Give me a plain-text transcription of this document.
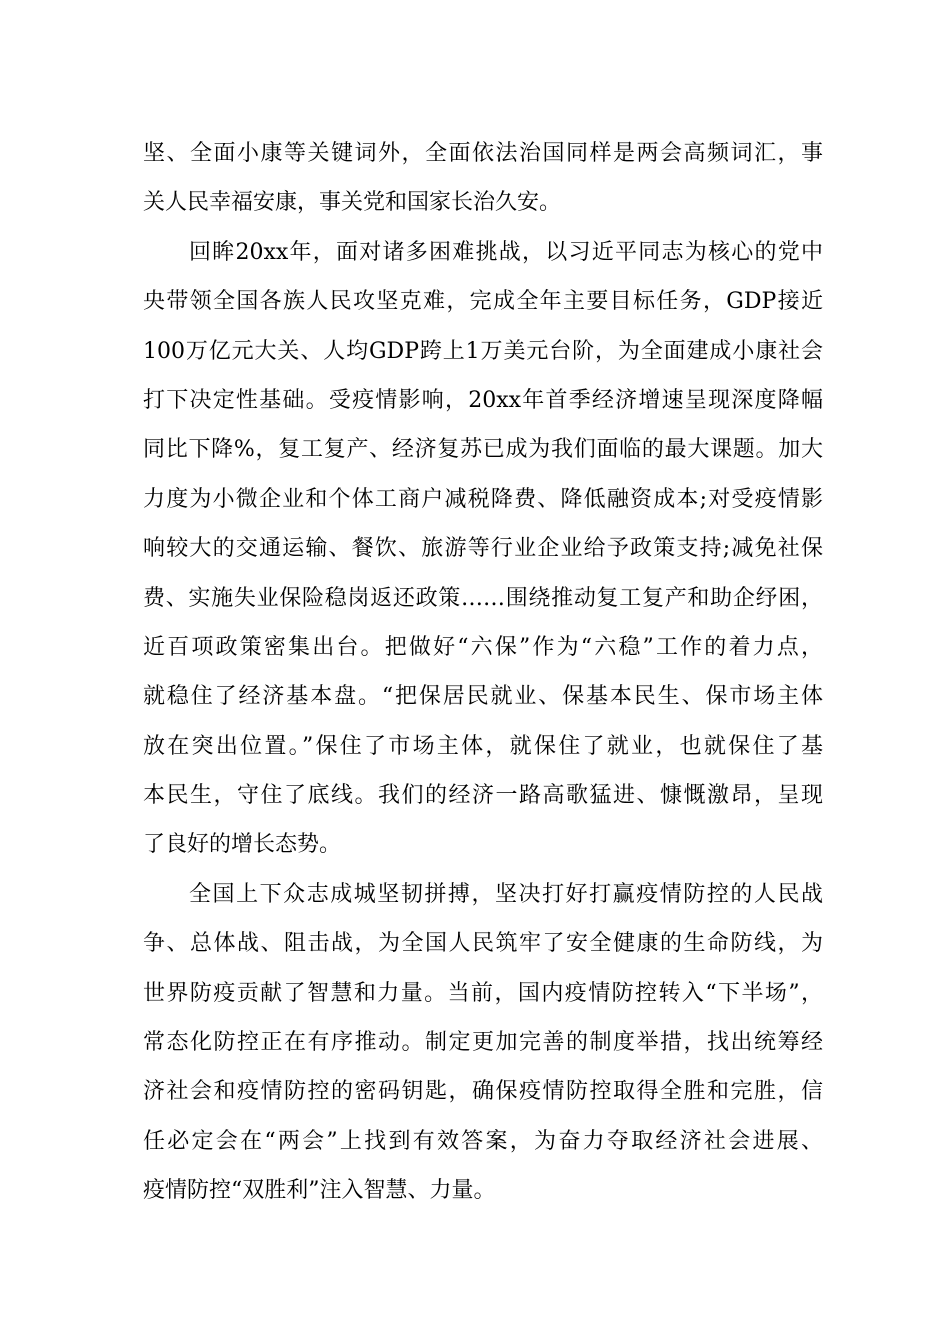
坚、全面小康等关键词外，全面依法治国同样是两会高频词汇，事
关人民幸福安康，事关党和国家长治久安。
回眸20xx年，面对诸多困难挑战，以习近平同志为核心的党中
央带领全国各族人民攻坚克难，完成全年主要目标任务，GDP接近
100万亿元大关、人均GDP跨上1万美元台阶，为全面建成小康社会
打下决定性基础。受疫情影响，20xx年首季经济增速呈现深度降幅
同比下降%，复工复产、经济复苏已成为我们面临的最大课题。加大
力度为小微企业和个体工商户减税降费、降低融资成本;对受疫情影
响较大的交通运输、餐饮、旅游等行业企业给予政策支持;减免社保
费、实施失业保险稳岗返还政策……围绕推动复工复产和助企纾困，
近百项政策密集出台。把做好“六保”作为“六稳”工作的着力点，
就稳住了经济基本盘。“把保居民就业、保基本民生、保市场主体
放在突出位置。”保住了市场主体，就保住了就业，也就保住了基
本民生，守住了底线。我们的经济一路高歌猛进、慷慨激昂，呈现
了良好的增长态势。
全国上下众志成城坚韧拼搏，坚决打好打赢疫情防控的人民战
争、总体战、阻击战，为全国人民筑牢了安全健康的生命防线，为
世界防疫贡献了智慧和力量。当前，国内疫情防控转入“下半场”，
常态化防控正在有序推动。制定更加完善的制度举措，找出统筹经
济社会和疫情防控的密码钥匙，确保疫情防控取得全胜和完胜，信
任必定会在“两会”上找到有效答案，为奋力夺取经济社会进展、
疫情防控“双胜利”注入智慧、力量。
